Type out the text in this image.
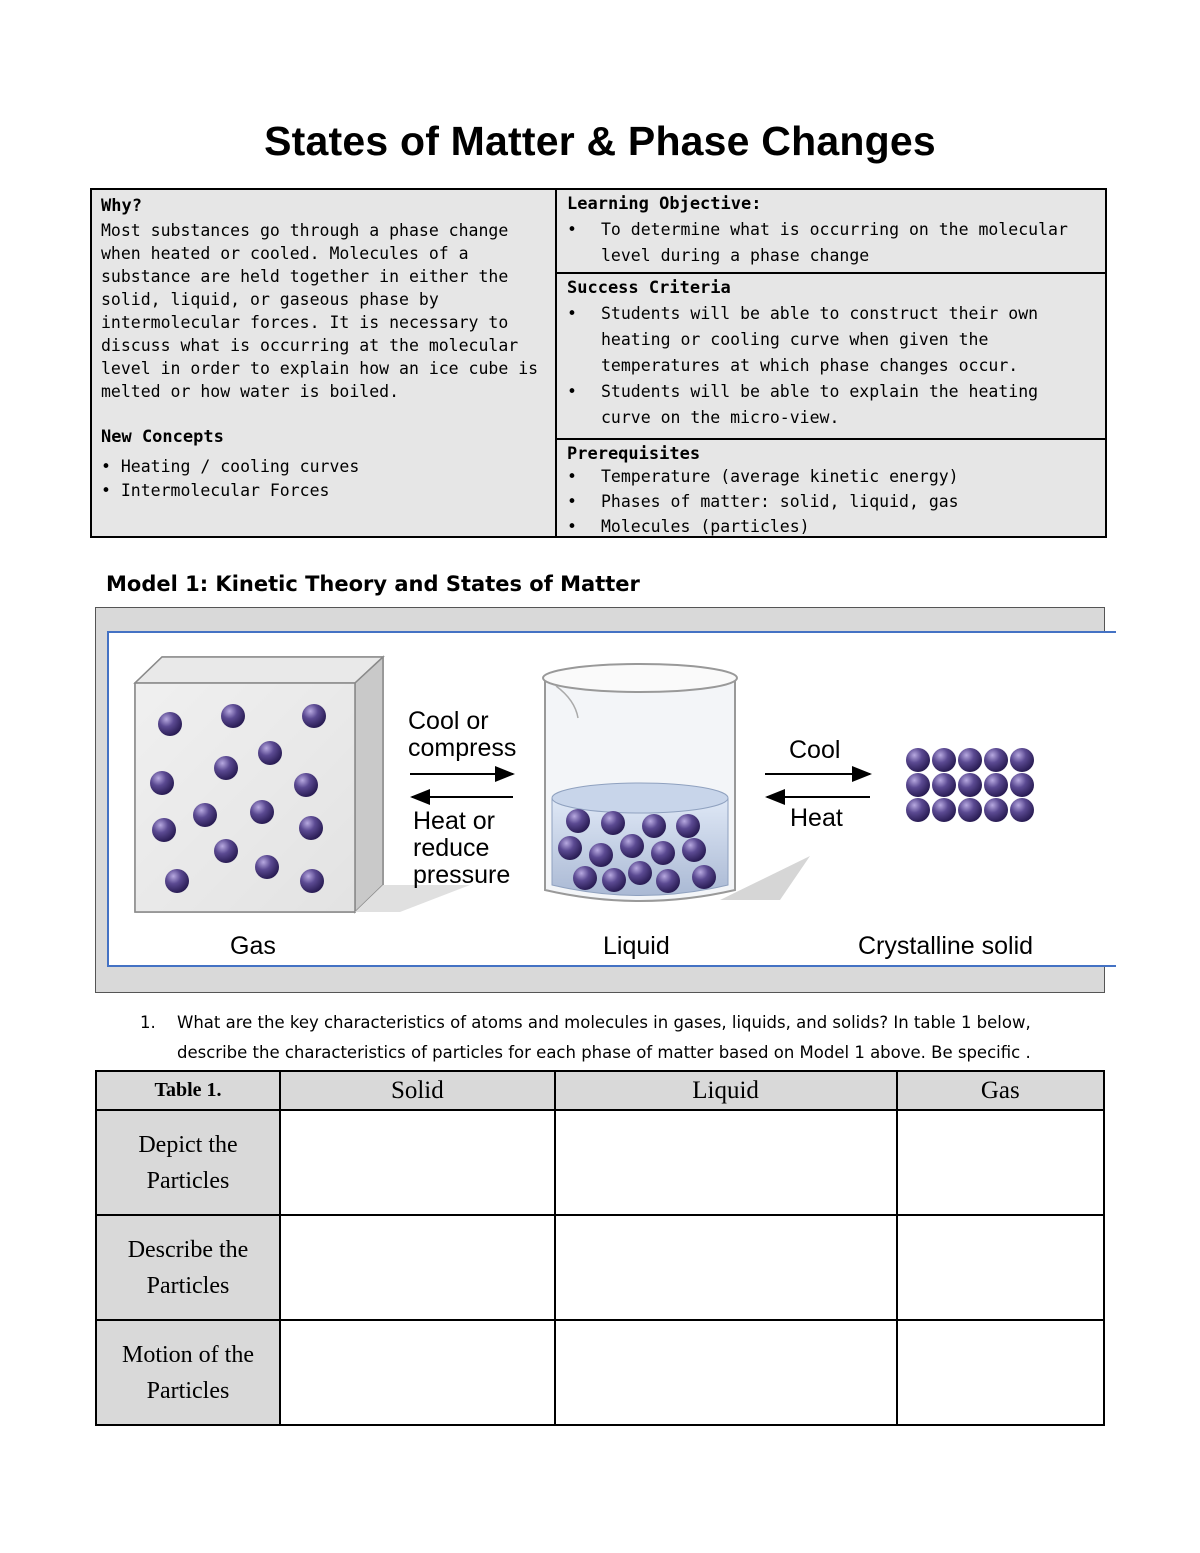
States of Matter & Phase Changes
Why?
Most substances go through a phase change when heated or cooled. Molecules of a substance are held together in either the solid, liquid, or gaseous phase by intermolecular forces. It is necessary to discuss what is occurring at the molecular level in order to explain how an ice cube is melted or how water is boiled.
New Concepts
• Heating / cooling curves
• Intermolecular Forces
Learning Objective:
• To determine what is occurring on the molecular level during a phase change
Success Criteria
• Students will be able to construct their own heating or cooling curve when given the temperatures at which phase changes occur.
• Students will be able to explain the heating curve on the micro-view.
Prerequisites
• Temperature (average kinetic energy)
• Phases of matter: solid, liquid, gas
• Molecules (particles)
Model 1: Kinetic Theory and States of Matter
Cool or
compress
Heat or
reduce
pressure
Cool
Heat
Gas	Liquid	Crystalline solid
1. What are the key characteristics of atoms and molecules in gases, liquids, and solids? In table 1 below, describe the characteristics of particles for each phase of matter based on Model 1 above. Be specific .
Table 1.	Solid	Liquid	Gas

Depict the
Particles			

Describe the
Particles			

Motion of the
Particles			
